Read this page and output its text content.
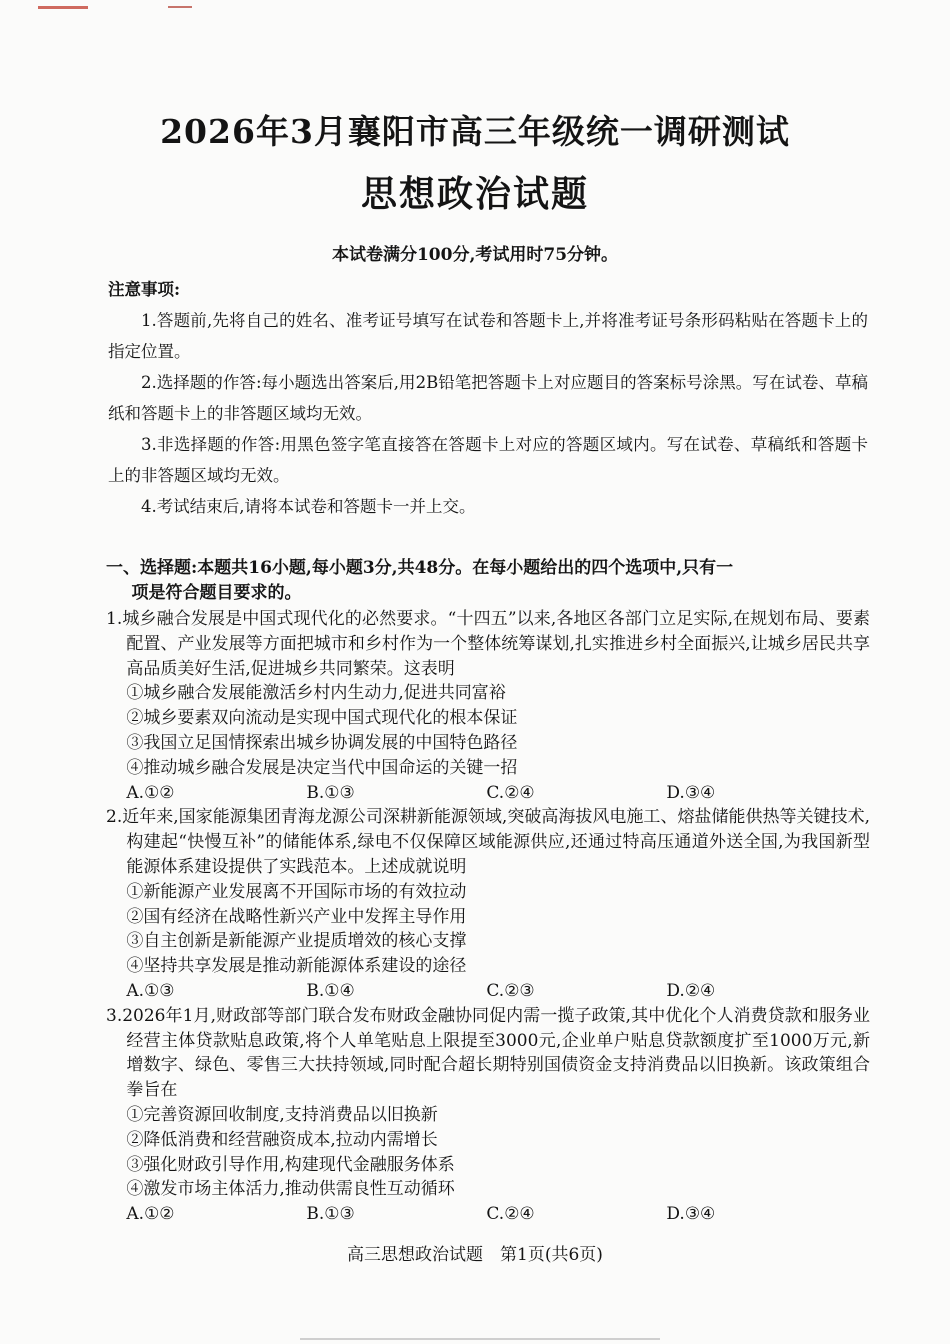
2026年3月襄阳市高三年级统一调研测试
思想政治试题
本试卷满分100分,考试用时75分钟。
注意事项:
1.答题前,先将自己的姓名、准考证号填写在试卷和答题卡上,并将准考证号条形码粘贴在答题卡上的指定位置。
2.选择题的作答:每小题选出答案后,用2B铅笔把答题卡上对应题目的答案标号涂黑。写在试卷、草稿纸和答题卡上的非答题区域均无效。
3.非选择题的作答:用黑色签字笔直接答在答题卡上对应的答题区域内。写在试卷、草稿纸和答题卡上的非答题区域均无效。
4.考试结束后,请将本试卷和答题卡一并上交。
一、选择题:本题共16小题,每小题3分,共48分。在每小题给出的四个选项中,只有一
项是符合题目要求的。
1.城乡融合发展是中国式现代化的必然要求。“十四五”以来,各地区各部门立足实际,在规划布局、要素配置、产业发展等方面把城市和乡村作为一个整体统筹谋划,扎实推进乡村全面振兴,让城乡居民共享高品质美好生活,促进城乡共同繁荣。这表明
①城乡融合发展能激活乡村内生动力,促进共同富裕
②城乡要素双向流动是实现中国式现代化的根本保证
③我国立足国情探索出城乡协调发展的中国特色路径
④推动城乡融合发展是决定当代中国命运的关键一招
A.①②	B.①③	C.②④	D.③④
2.近年来,国家能源集团青海龙源公司深耕新能源领域,突破高海拔风电施工、熔盐储能供热等关键技术,构建起“快慢互补”的储能体系,绿电不仅保障区域能源供应,还通过特高压通道外送全国,为我国新型能源体系建设提供了实践范本。上述成就说明
①新能源产业发展离不开国际市场的有效拉动
②国有经济在战略性新兴产业中发挥主导作用
③自主创新是新能源产业提质增效的核心支撑
④坚持共享发展是推动新能源体系建设的途径
A.①③	B.①④	C.②③	D.②④
3.2026年1月,财政部等部门联合发布财政金融协同促内需一揽子政策,其中优化个人消费贷款和服务业经营主体贷款贴息政策,将个人单笔贴息上限提至3000元,企业单户贴息贷款额度扩至1000万元,新增数字、绿色、零售三大扶持领域,同时配合超长期特别国债资金支持消费品以旧换新。该政策组合拳旨在
①完善资源回收制度,支持消费品以旧换新
②降低消费和经营融资成本,拉动内需增长
③强化财政引导作用,构建现代金融服务体系
④激发市场主体活力,推动供需良性互动循环
A.①②	B.①③	C.②④	D.③④
高三思想政治试题　第1页(共6页)
